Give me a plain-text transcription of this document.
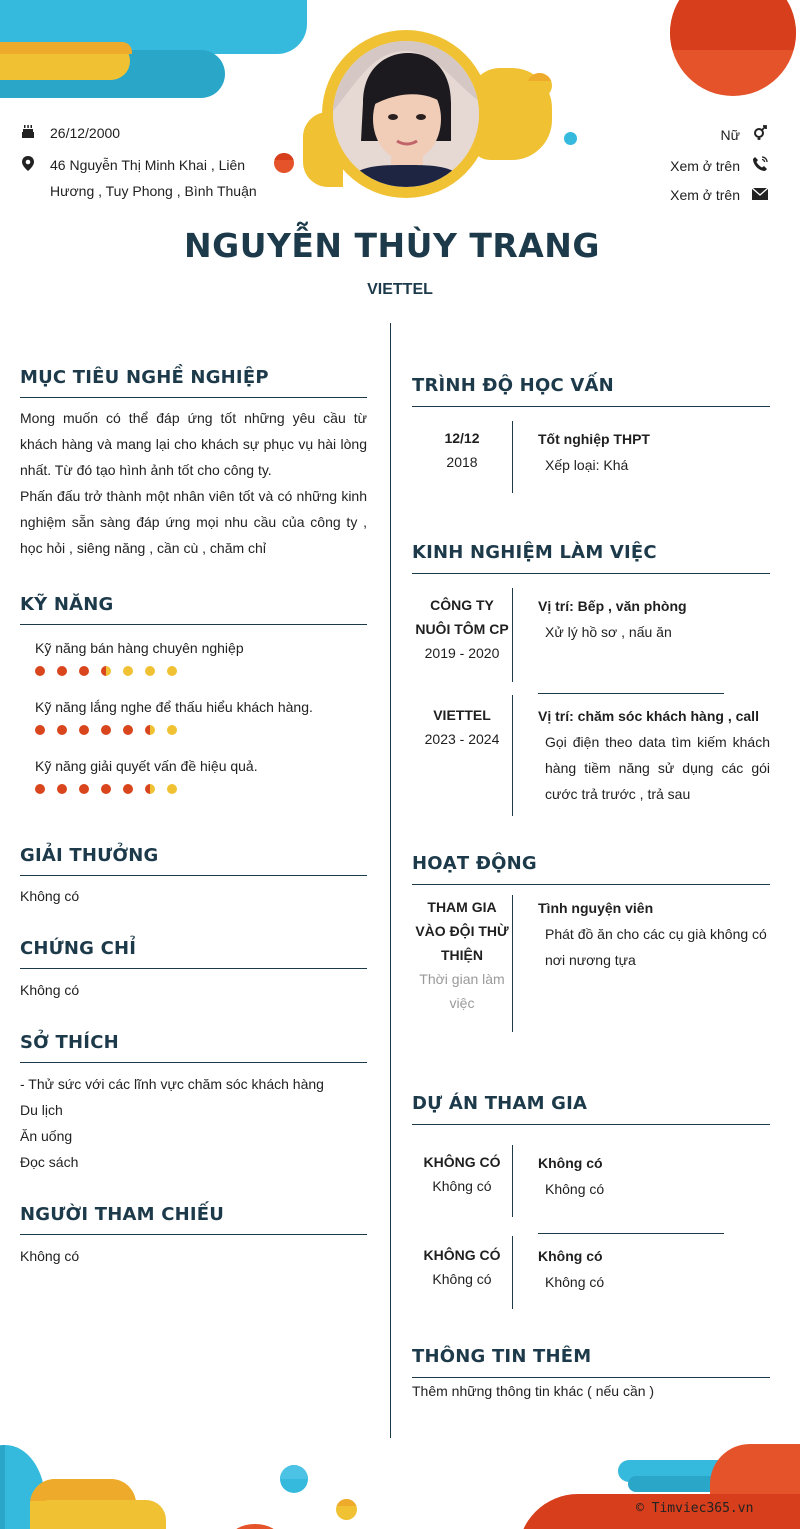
26/12/2000
46 Nguyễn Thị Minh Khai , Liên
Hương , Tuy Phong , Bình Thuận
Nữ
Xem ở trên
Xem ở trên
NGUYỄN THÙY TRANG
VIETTEL
MỤC TIÊU NGHỀ NGHIỆP
Mong muốn có thể đáp ứng tốt những yêu cầu từ khách hàng và mang lại cho khách sự phục vụ hài lòng nhất. Từ đó tạo hình ảnh tốt cho công ty.
Phấn đấu trở thành một nhân viên tốt và có những kinh nghiệm sẵn sàng đáp ứng mọi nhu cầu của công ty , học hỏi , siêng năng , cần cù , chăm chỉ
KỸ NĂNG
Kỹ năng bán hàng chuyên nghiệp
Kỹ năng lắng nghe để thấu hiểu khách hàng.
Kỹ năng giải quyết vấn đề hiệu quả.
GIẢI THƯỞNG
Không có
CHỨNG CHỈ
Không có
SỞ THÍCH
- Thử sức với các lĩnh vực chăm sóc khách hàng
Du lịch
Ăn uống
Đọc sách
NGƯỜI THAM CHIẾU
Không có
TRÌNH ĐỘ HỌC VẤN
12/12
2018
Tốt nghiệp THPT
Xếp loại: Khá
KINH NGHIỆM LÀM VIỆC
CÔNG TY
NUÔI TÔM CP
2019 - 2020
Vị trí: Bếp , văn phòng
Xử lý hồ sơ , nấu ăn
VIETTEL
2023 - 2024
Vị trí: chăm sóc khách hàng , call
Gọi điện theo data tìm kiếm khách hàng tiềm năng sử dụng các gói cước trả trước , trả sau
HOẠT ĐỘNG
THAM GIA
VÀO ĐỘI THỪ
THIỆN
Thời gian làm
việc
Tình nguyện viên
Phát đồ ăn cho các cụ già không có nơi nương tựa
DỰ ÁN THAM GIA
KHÔNG CÓ
Không có
Không có
Không có
KHÔNG CÓ
Không có
Không có
Không có
THÔNG TIN THÊM
Thêm những thông tin khác ( nếu cần )
© Timviec365.vn
